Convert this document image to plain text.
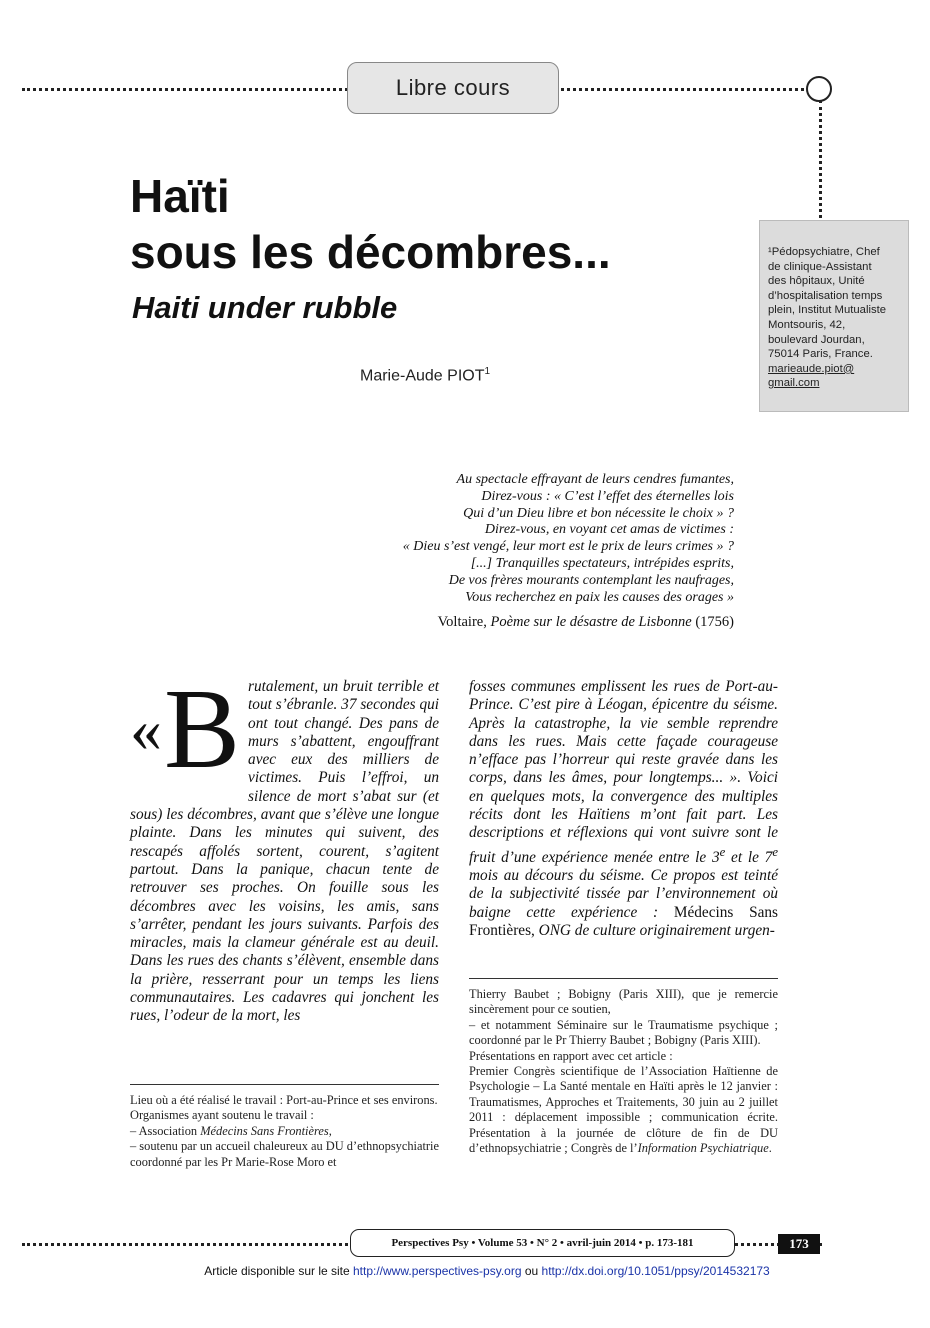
Libre cours
Haïti
sous les décombres...
Haiti under rubble
Marie-Aude PIOT$^1$
¹Pédopsychiatre, Chef
de clinique-Assistant
des hôpitaux, Unité
d’hospitalisation temps
plein, Institut Mutualiste
Montsouris, 42,
boulevard Jourdan,
75014 Paris, France.
marieaude.piot@
gmail.com
Au spectacle effrayant de leurs cendres fumantes,
Direz-vous : « C’est l’effet des éternelles lois
Qui d’un Dieu libre et bon nécessite le choix » ?
Direz-vous, en voyant cet amas de victimes :
« Dieu s’est vengé, leur mort est le prix de leurs crimes » ?
[...] Tranquilles spectateurs, intrépides esprits,
De vos frères mourants contemplant les naufrages,
Vous recherchez en paix les causes des orages »
Voltaire, Poème sur le désastre de Lisbonne (1756)
«B rutalement, un bruit terrible et tout s’ébranle. 37 secondes qui ont tout changé. Des pans de murs s’abattent, engouffrant avec eux des milliers de victimes. Puis l’effroi, un silence de mort s’abat sur (et sous) les décombres, avant que s’élève une longue plainte. Dans les minutes qui suivent, des rescapés affolés sortent, courent, s’agitent partout. Dans la panique, chacun tente de retrouver ses proches. On fouille sous les décombres avec les voisins, les amis, sans s’arrêter, pendant les jours suivants. Parfois des miracles, mais la clameur générale est au deuil. Dans les rues des chants s’élèvent, ensemble dans la prière, resserrant pour un temps les liens communautaires. Les cadavres qui jonchent les rues, l’odeur de la mort, les
fosses communes emplissent les rues de Port-au-Prince. C’est pire à Léogan, épicentre du séisme. Après la catastrophe, la vie semble reprendre dans les rues. Mais cette façade courageuse n’efface pas l’horreur qui reste gravée dans les corps, dans les âmes, pour longtemps... ». Voici en quelques mots, la convergence des multiples récits dont les Haïtiens m’ont fait part. Les descriptions et réflexions qui vont suivre sont le fruit d’une expérience menée entre le 3e et le 7e mois au décours du séisme. Ce propos est teinté de la subjectivité tissée par l’environnement où baigne cette expérience : Médecins Sans Frontières, ONG de culture originairement urgen-

Lieu où a été réalisé le travail : Port-au-Prince et ses environs.

Organismes ayant soutenu le travail :

– Association Médecins Sans Frontières,

– soutenu par un accueil chaleureux au DU d’ethnopsychiatrie coordonné par les Pr Marie-Rose Moro et

Thierry Baubet ; Bobigny (Paris XIII), que je remercie sincèrement pour ce soutien,

– et notamment Séminaire sur le Traumatisme psychique ; coordonné par le Pr Thierry Baubet ; Bobigny (Paris XIII).

Présentations en rapport avec cet article :

Premier Congrès scientifique de l’Association Haïtienne de Psychologie – La Santé mentale en Haïti après le 12 janvier : Traumatismes, Approches et Traitements, 30 juin au 2 juillet 2011 : déplacement impossible ; communication écrite. Présentation à la journée de clôture de fin de DU d’ethnopsychiatrie ; Congrès de l’Information Psychiatrique.

Perspectives Psy • Volume 53 • N° 2 • avril-juin 2014 • p. 173-181	173
Article disponible sur le site http://www.perspectives-psy.org ou http://dx.doi.org/10.1051/ppsy/2014532173
